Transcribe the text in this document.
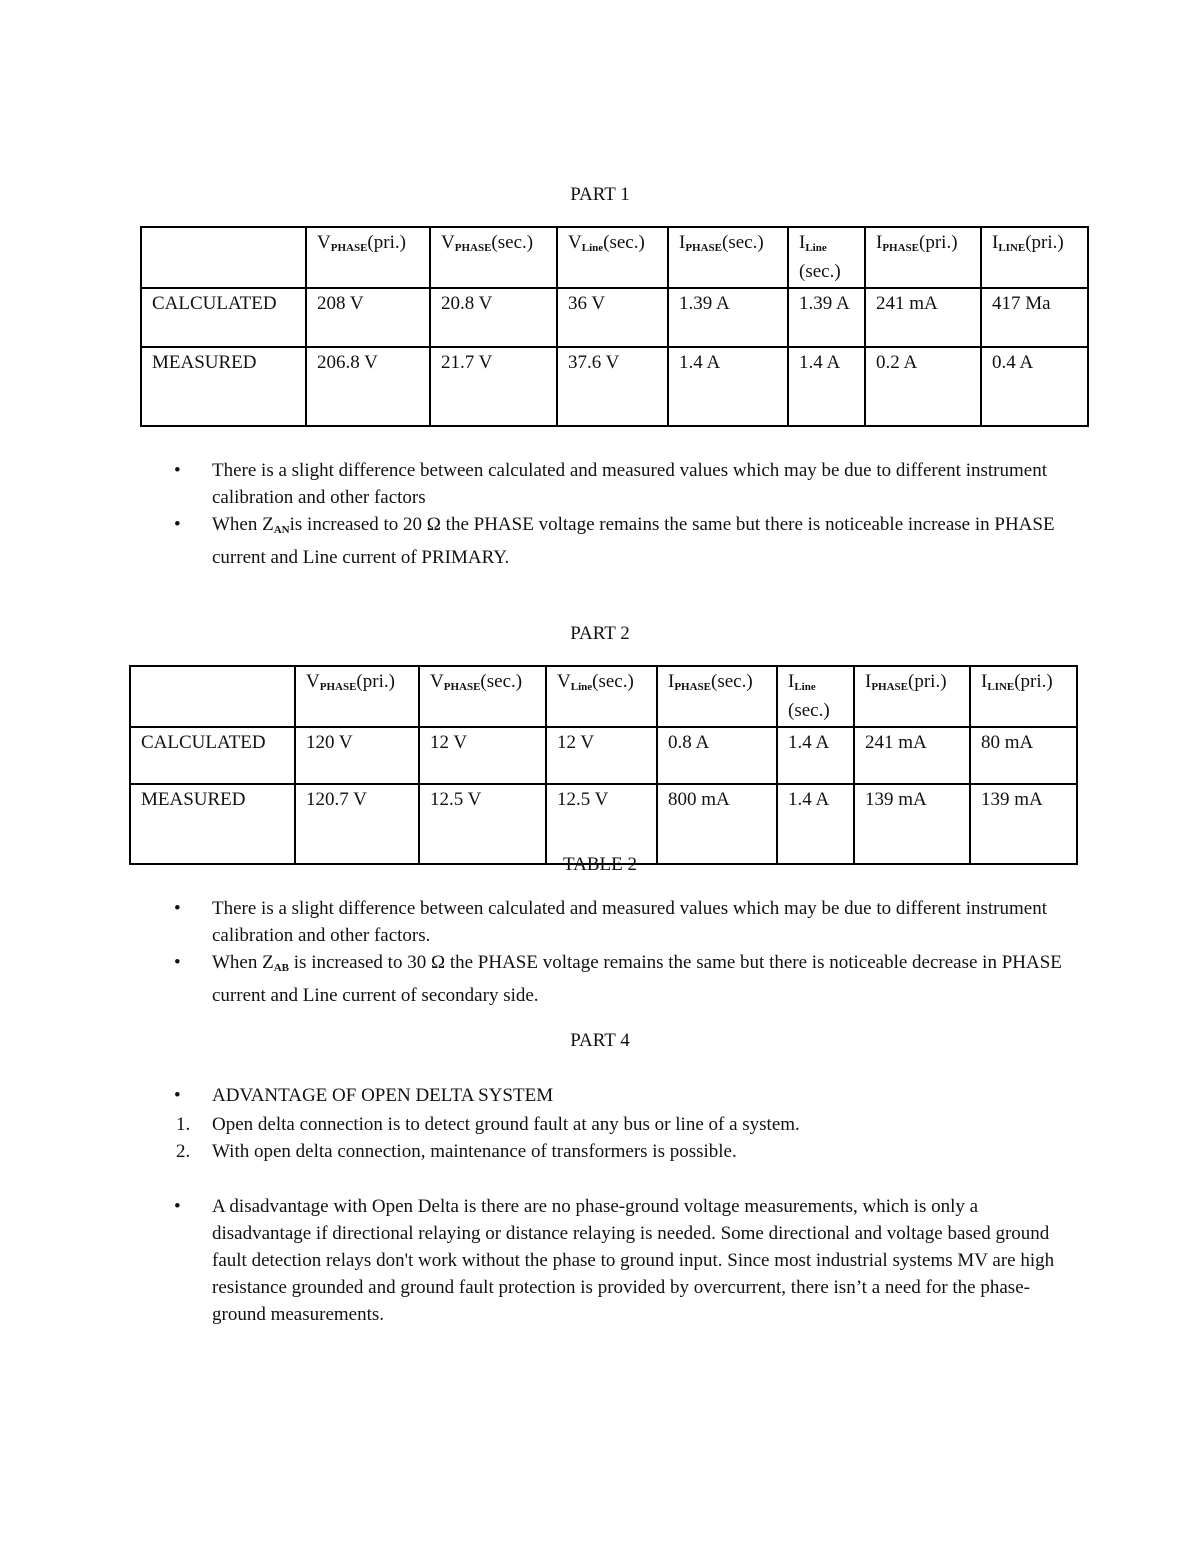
PART 1
	$V_{PHASE}(pri.)$	$V_{PHASE}(\sec.)$	$V_{Line}(\sec.)$	$I_{PHASE}(\sec.)$	$I_{Line}$
(sec.)	$I_{PHASE}(pri.)$	$I_{LINE}(pri.)$
CALCULATED	208 V	20.8 V	36 V	1.39 A	1.39 A	241 mA	417 Ma
MEASURED	206.8 V	21.7 V	37.6 V	1.4 A	1.4 A	0.2 A	0.4 A
• There is a slight difference between calculated and measured values which may be due to different instrument calibration and other factors
• When $Z_{AN}is$ increased to 20 Ω the PHASE voltage remains the same but there is noticeable increase in PHASE current and Line current of PRIMARY.
PART 2
	$V_{PHASE}(pri.)$	$V_{PHASE}(\sec.)$	$V_{Line}(\sec.)$	$I_{PHASE}(\sec.)$	$I_{Line}$
(sec.)	$I_{PHASE}(pri.)$	$I_{LINE}(pri.)$
CALCULATED	120 V	12 V	12 V	0.8 A	1.4 A	241 mA	80 mA
MEASURED	120.7 V	12.5 V	12.5 V	800 mA	1.4 A	139 mA	139 mA
TABLE 2
• There is a slight difference between calculated and measured values which may be due to different instrument calibration and other factors.
• When $Z_{AB}$ is increased to 30 Ω the PHASE voltage remains the same but there is noticeable decrease in PHASE current and Line current of secondary side.
PART 4
• ADVANTAGE OF OPEN DELTA SYSTEM
1. Open delta connection is to detect ground fault at any bus or line of a system.
2. With open delta connection, maintenance of transformers is possible.
• A disadvantage with Open Delta is there are no phase-ground voltage measurements, which is only a disadvantage if directional relaying or distance relaying is needed. Some directional and voltage based ground fault detection relays don't work without the phase to ground input. Since most industrial systems MV are high resistance grounded and ground fault protection is provided by overcurrent, there isn’t a need for the phase-ground measurements.
